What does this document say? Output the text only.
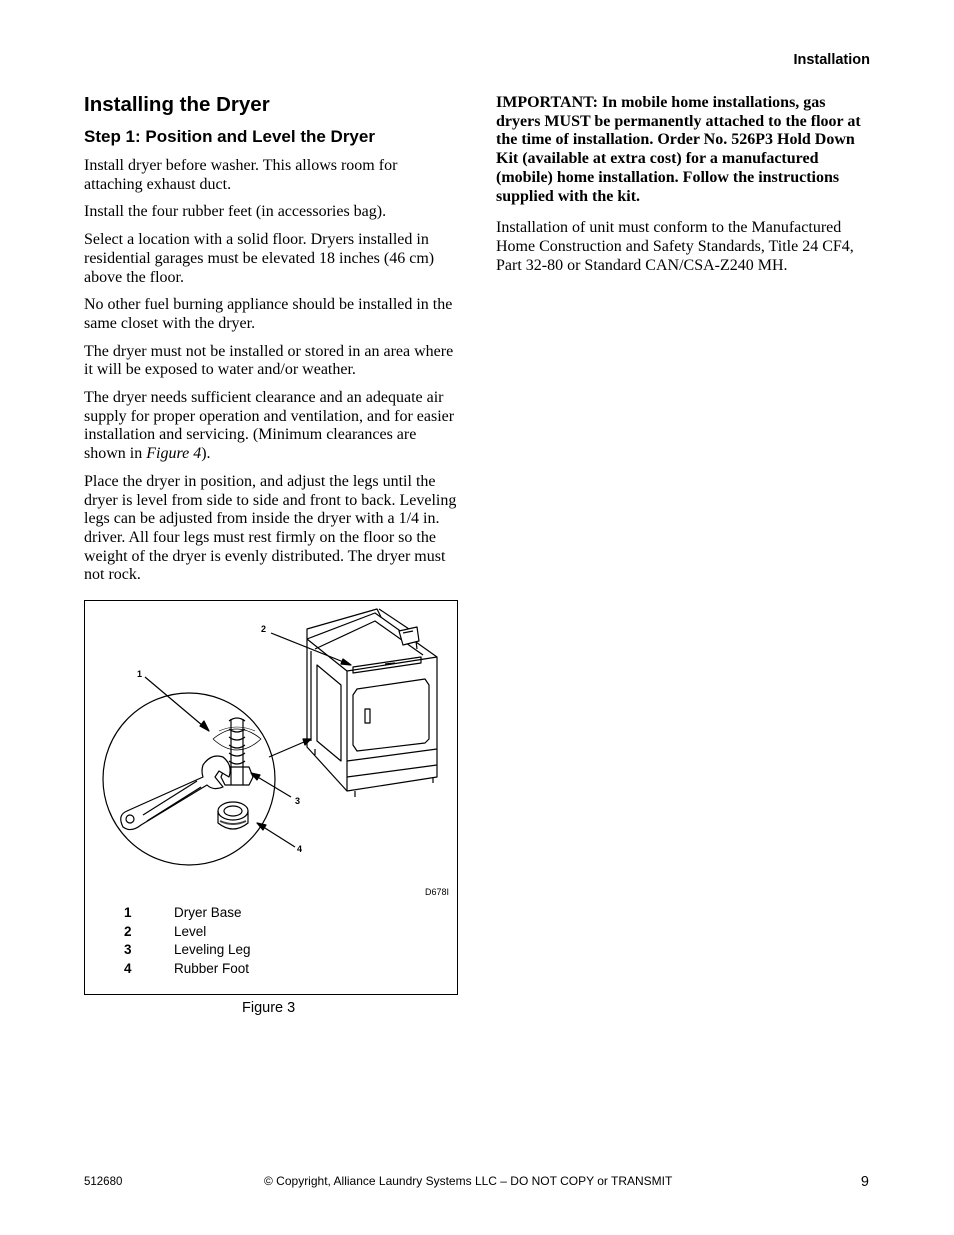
Installation
Installing the Dryer
Step 1: Position and Level the Dryer

Install dryer before washer. This allows room for attaching exhaust duct.

Install the four rubber feet (in accessories bag).

Select a location with a solid floor. Dryers installed in residential garages must be elevated 18 inches (46 cm) above the floor.

No other fuel burning appliance should be installed in the same closet with the dryer.

The dryer must not be installed or stored in an area where it will be exposed to water and/or weather.

The dryer needs sufficient clearance and an adequate air supply for proper operation and ventilation, and for easier installation and servicing. (Minimum clearances are shown in Figure 4).

Place the dryer in position, and adjust the legs until the dryer is level from side to side and front to back. Leveling legs can be adjusted from inside the dryer with a 1/4 in. driver. All four legs must rest firmly on the floor so the weight of the dryer is evenly distributed. The dryer must not rock.

IMPORTANT: In mobile home installations, gas dryers MUST be permanently attached to the floor at the time of installation. Order No. 526P3 Hold Down Kit (available at extra cost) for a manufactured (mobile) home installation. Follow the instructions supplied with the kit.

Installation of unit must conform to the Manufactured Home Construction and Safety Standards, Title 24 CF4, Part 32-80 or Standard CAN/CSA-Z240 MH.

1
2
3
4
D678I
1	Dryer Base
2	Level
3	Leveling Leg
4	Rubber Foot
Figure 3
512680	© Copyright, Alliance Laundry Systems LLC – DO NOT COPY or TRANSMIT	9
